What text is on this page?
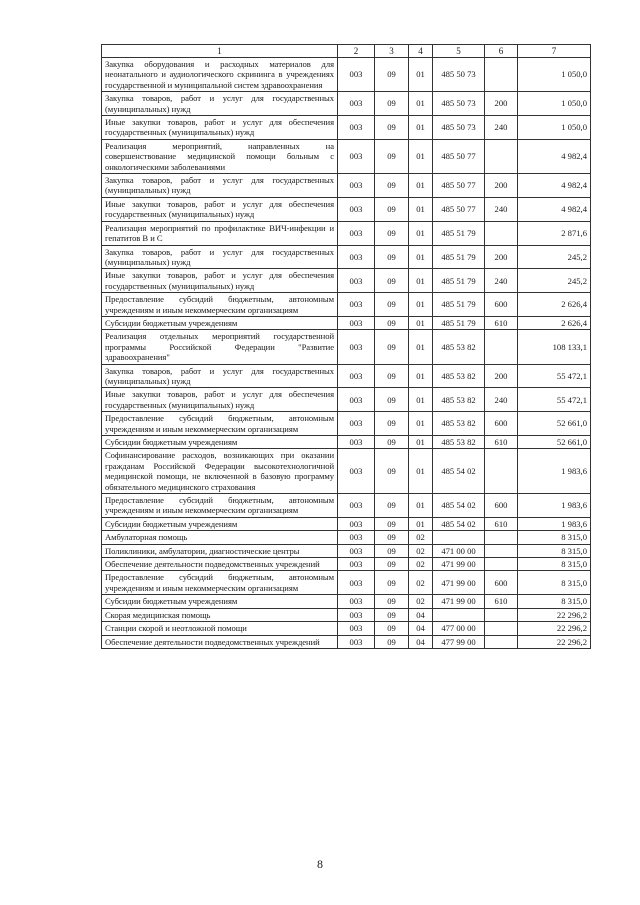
1	2	3	4	5	6	7
Закупка оборудования и расходных материалов для неонатального и аудиологического скрининга в учреждениях государственной и муниципальной систем здравоохранения	003	09	01	485 50 73		1 050,0
Закупка товаров, работ и услуг для государственных (муниципальных) нужд	003	09	01	485 50 73	200	1 050,0
Иные закупки товаров, работ и услуг для обеспечения государственных (муниципальных) нужд	003	09	01	485 50 73	240	1 050,0
Реализация мероприятий, направленных на совершенствование медицинской помощи больным с онкологическими заболеваниями	003	09	01	485 50 77		4 982,4
Закупка товаров, работ и услуг для государственных (муниципальных) нужд	003	09	01	485 50 77	200	4 982,4
Иные закупки товаров, работ и услуг для обеспечения государственных (муниципальных) нужд	003	09	01	485 50 77	240	4 982,4
Реализация мероприятий по профилактике ВИЧ-инфекции и гепатитов В и С	003	09	01	485 51 79		2 871,6
Закупка товаров, работ и услуг для государственных (муниципальных) нужд	003	09	01	485 51 79	200	245,2
Иные закупки товаров, работ и услуг для обеспечения государственных (муниципальных) нужд	003	09	01	485 51 79	240	245,2
Предоставление субсидий бюджетным, автономным учреждениям и иным некоммерческим организациям	003	09	01	485 51 79	600	2 626,4
Субсидии бюджетным учреждениям	003	09	01	485 51 79	610	2 626,4
Реализация отдельных мероприятий государственной программы Российской Федерации "Развитие здравоохранения"	003	09	01	485 53 82		108 133,1
Закупка товаров, работ и услуг для государственных (муниципальных) нужд	003	09	01	485 53 82	200	55 472,1
Иные закупки товаров, работ и услуг для обеспечения государственных (муниципальных) нужд	003	09	01	485 53 82	240	55 472,1
Предоставление субсидий бюджетным, автономным учреждениям и иным некоммерческим организациям	003	09	01	485 53 82	600	52 661,0
Субсидии бюджетным учреждениям	003	09	01	485 53 82	610	52 661,0
Софинансирование расходов, возникающих при оказании гражданам Российской Федерации высокотехнологичной медицинской помощи, не включенной в базовую программу обязательного медицинского страхования	003	09	01	485 54 02		1 983,6
Предоставление субсидий бюджетным, автономным учреждениям и иным некоммерческим организациям	003	09	01	485 54 02	600	1 983,6
Субсидии бюджетным учреждениям	003	09	01	485 54 02	610	1 983,6
Амбулаторная помощь	003	09	02			8 315,0
Поликлиники, амбулатории, диагностические центры	003	09	02	471 00 00		8 315,0
Обеспечение деятельности подведомственных учреждений	003	09	02	471 99 00		8 315,0
Предоставление субсидий бюджетным, автономным учреждениям и иным некоммерческим организациям	003	09	02	471 99 00	600	8 315,0
Субсидии бюджетным учреждениям	003	09	02	471 99 00	610	8 315,0
Скорая медицинская помощь	003	09	04			22 296,2
Станции скорой и неотложной помощи	003	09	04	477 00 00		22 296,2
Обеспечение деятельности подведомственных учреждений	003	09	04	477 99 00		22 296,2
8
